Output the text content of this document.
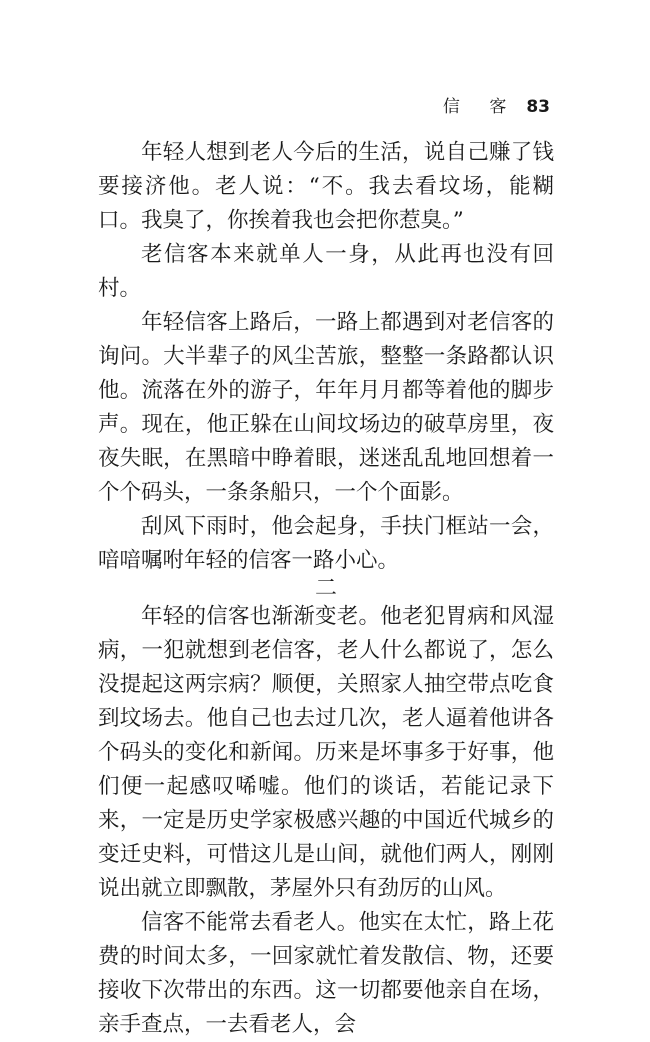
信 客 83

年轻人想到老人今后的生活，说自己赚了钱要接济他。老人说：“不。我去看坟场，能糊口。我臭了，你挨着我也会把你惹臭。”

老信客本来就单人一身，从此再也没有回村。

年轻信客上路后，一路上都遇到对老信客的询问。大半辈子的风尘苦旅，整整一条路都认识他。流落在外的游子，年年月月都等着他的脚步声。现在，他正躲在山间坟场边的破草房里，夜夜失眠，在黑暗中睁着眼，迷迷乱乱地回想着一个个码头，一条条船只，一个个面影。

刮风下雨时，他会起身，手扶门框站一会，喑喑嘱咐年轻的信客一路小心。

二

年轻的信客也渐渐变老。他老犯胃病和风湿病，一犯就想到老信客，老人什么都说了，怎么没提起这两宗病？顺便，关照家人抽空带点吃食到坟场去。他自己也去过几次，老人逼着他讲各个码头的变化和新闻。历来是坏事多于好事，他们便一起感叹唏嘘。他们的谈话，若能记录下来，一定是历史学家极感兴趣的中国近代城乡的变迁史料，可惜这儿是山间，就他们两人，刚刚说出就立即飘散，茅屋外只有劲厉的山风。

信客不能常去看老人。他实在太忙，路上花费的时间太多，一回家就忙着发散信、物，还要接收下次带出的东西。这一切都要他亲自在场，亲手查点，一去看老人，会
